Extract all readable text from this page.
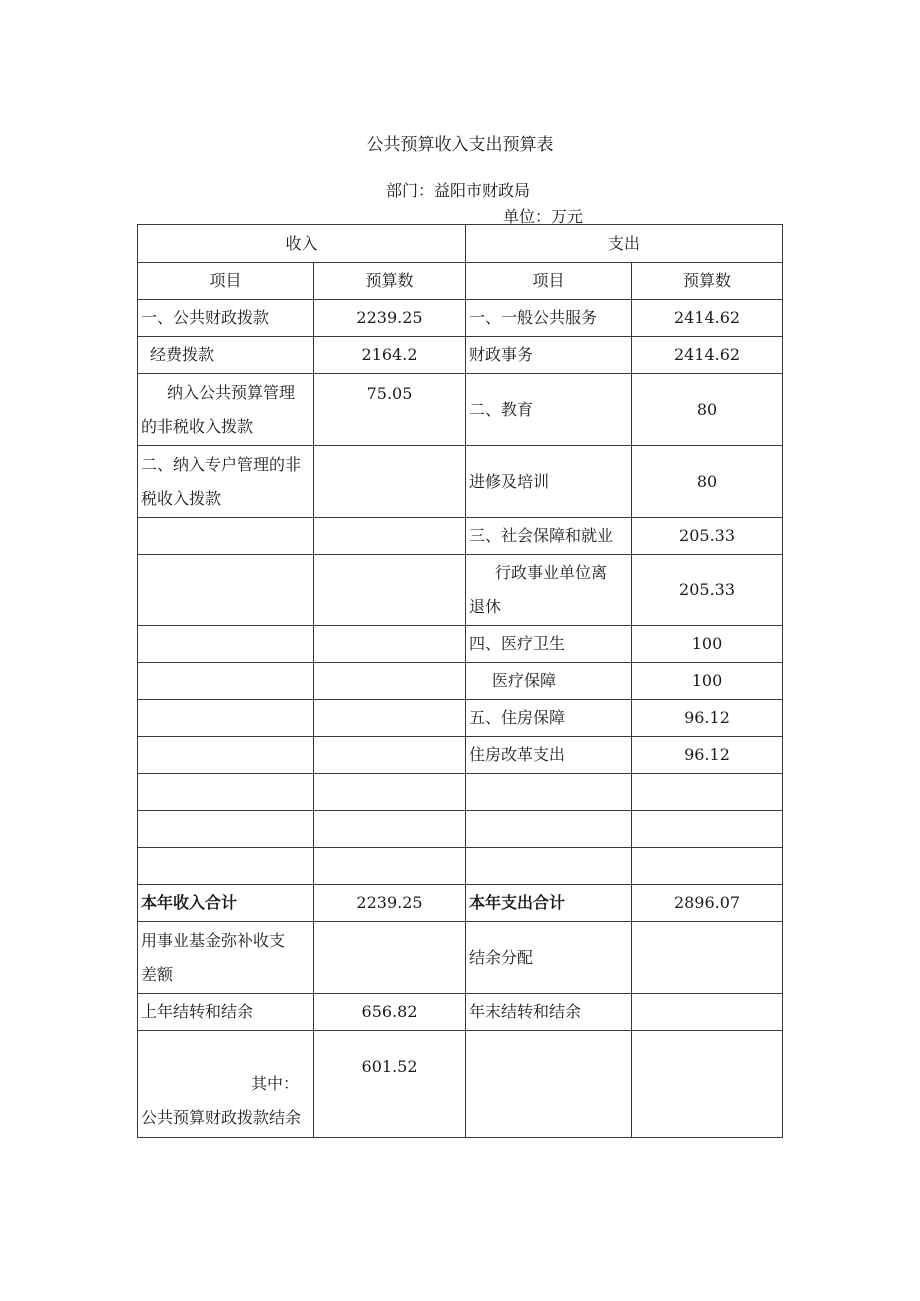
公共预算收入支出预算表
部门：益阳市财政局
单位：万元
收入		支出	
项目	预算数	项目	预算数
一、公共财政拨款	2239.25	一、一般公共服务	2414.62
经费拨款	2164.2	财政事务	2414.62

纳入公共预算管理
的非税收入拨款	75.05	二、教育	80

二、纳入专户管理的非
税收入拨款		进修及培训	80
		三、社会保障和就业	205.33

		行政事业单位离
退休	205.33
		四、医疗卫生	100
		医疗保障	100
		五、住房保障	96.12
		住房改革支出	96.12

本年收入合计	2239.25	本年支出合计	2896.07

用事业基金弥补收支
差额		结余分配	
上年结转和结余	656.82	年末结转和结余	

其中：
公共预算财政拨款结余	601.52		
